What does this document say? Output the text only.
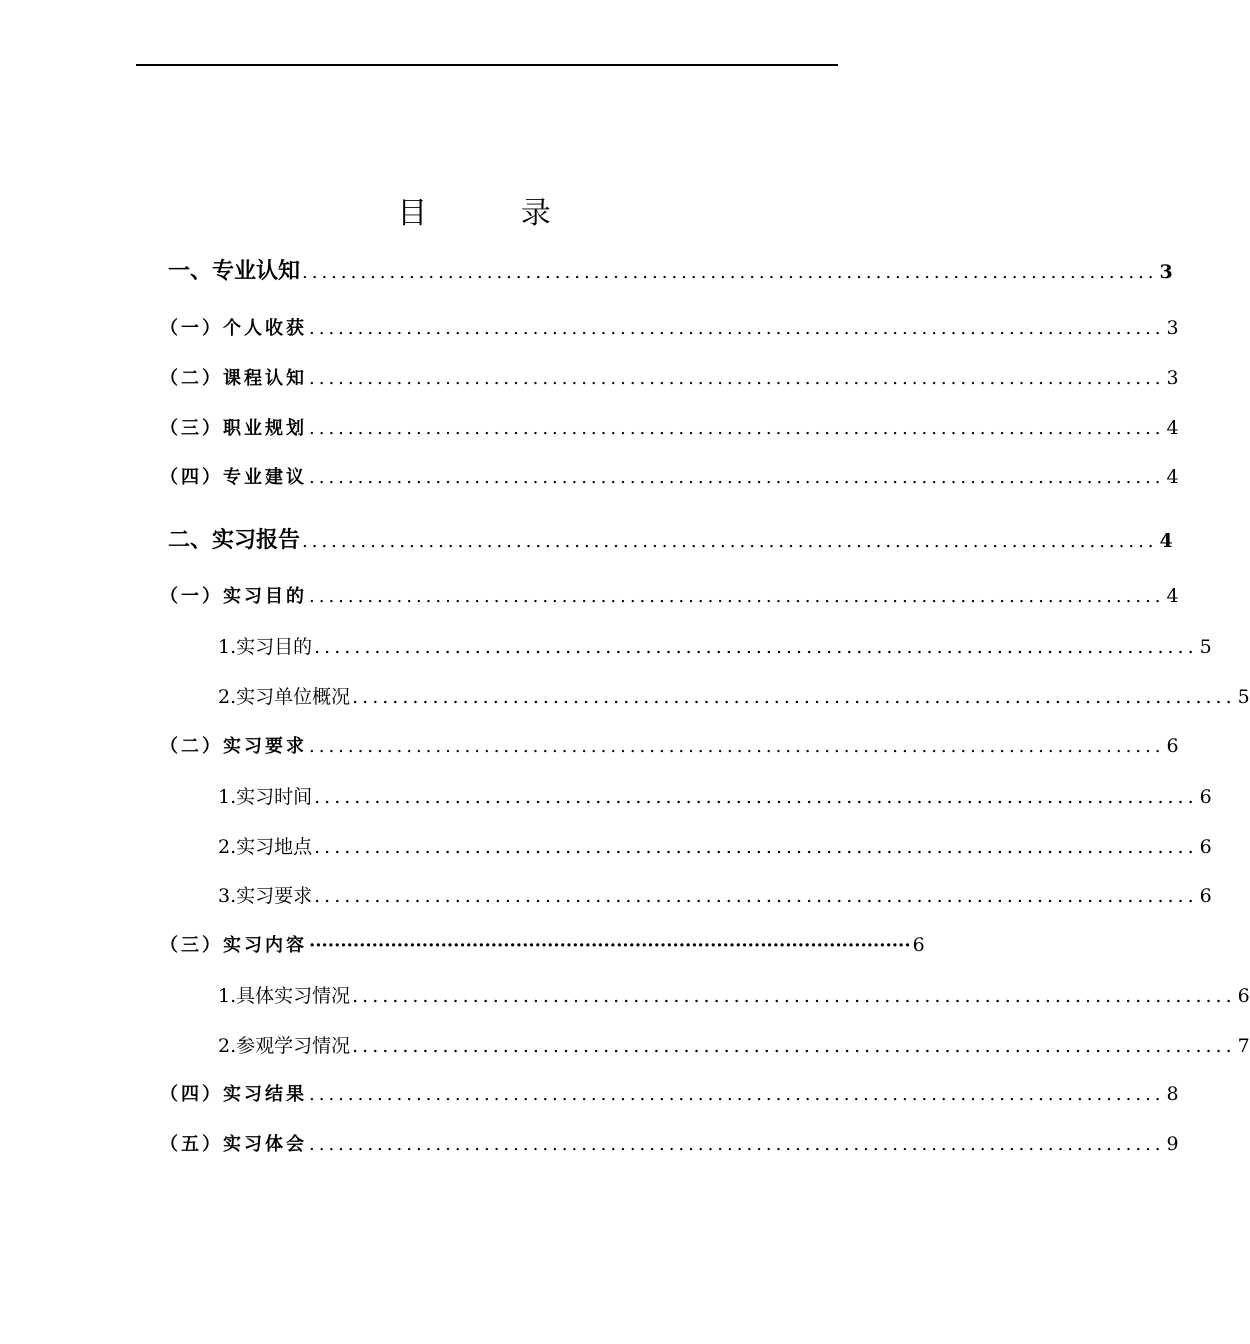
目 录
一、专业认知 ........................................................................................ 3
（一）个人收获 ........................................................................................ 3
（二）课程认知 ........................................................................................ 3
（三）职业规划 ........................................................................................ 4
（四）专业建议 ........................................................................................ 4
二、实习报告 ........................................................................................ 4
（一）实习目的 ........................................................................................ 4
1.实习目的 ........................................................................................ 5
2.实习单位概况 ........................................................................................ 5
（二）实习要求 ........................................................................................ 6
1.实习时间 ........................................................................................ 6
2.实习地点 ........................................................................................ 6
3.实习要求 ........................................................................................ 6
（三）实习内容 ································································································ 6
1.具体实习情况 ........................................................................................ 6
2.参观学习情况 ........................................................................................ 7
（四）实习结果 ........................................................................................ 8
（五）实习体会 ........................................................................................ 9
